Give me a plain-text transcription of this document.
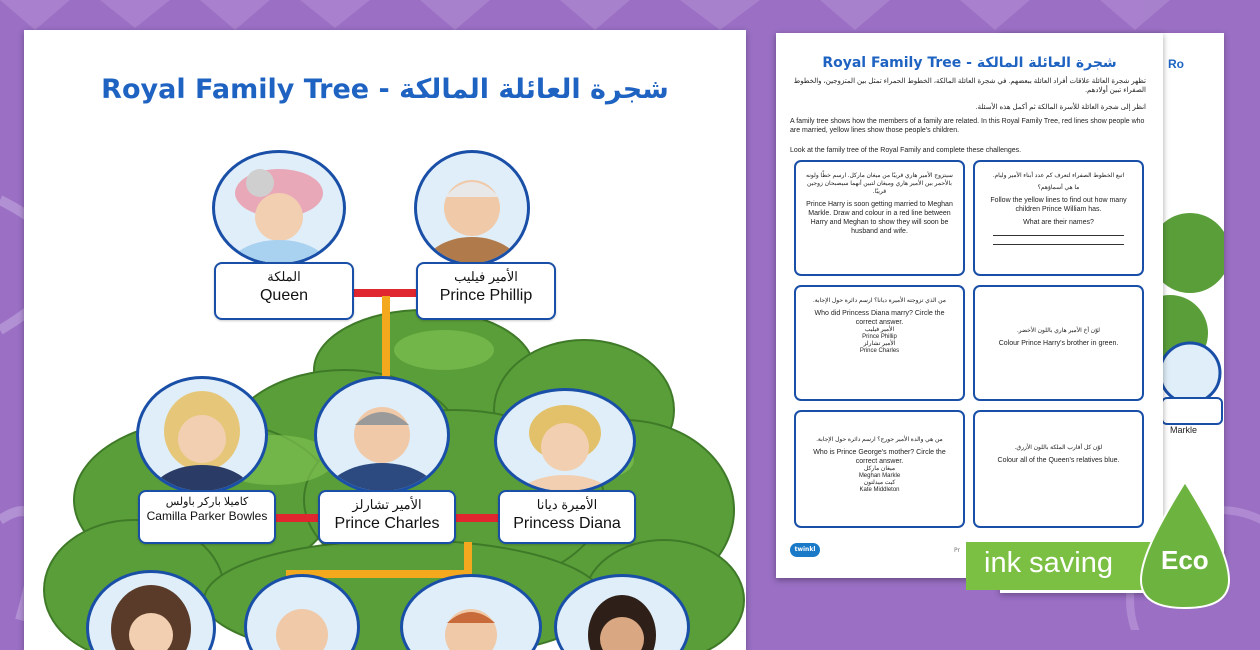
Ro
Markle
Royal Family Tree - شجرة العائلة المالكة
تظهر شجرة العائلة علاقات أفراد العائلة ببعضهم. في شجرة العائلة المالكة، الخطوط الحمراء تمثل بين المتزوجين، والخطوط الصفراء تبين أولادهم.
انظر إلى شجرة العائلة للأسرة المالكة ثم أكمل هذه الأسئلة.
A family tree shows how the members of a family are related. In this Royal Family Tree, red lines show people who are married, yellow lines show those people's children.
Look at the family tree of the Royal Family and complete these challenges.
سيتزوج الأمير هاري قريبًا من ميغان ماركل. ارسم خطًا ولونه بالأحمر بين الأمير هاري وميغان لتبين أنهما سيصبحان زوجين قريبًا.
Prince Harry is soon getting married to Meghan Markle. Draw and colour in a red line between Harry and Meghan to show they will soon be husband and wife.
اتبع الخطوط الصفراء لتعرف كم عدد أبناء الأمير وليام.
ما هي أسماؤهم؟
Follow the yellow lines to find out how many children Prince William has.
What are their names?
من الذي تزوجته الأميرة ديانا؟ ارسم دائرة حول الإجابة.
Who did Princess Diana marry? Circle the correct answer.
الأمير فيليب
Prince Phillip
الأمير تشارلز
Prince Charles
لوّن أخ الأمير هاري باللون الأخضر.
Colour Prince Harry's brother in green.
من هي والدة الأمير جورج؟ ارسم دائرة حول الإجابة.
Who is Prince George's mother? Circle the correct answer.
ميغان ماركل
Meghan Markle
كيت ميدلتون
Kate Middleton
لوّن كل أقارب الملكة باللون الأزرق.
Colour all of the Queen's relatives blue.
twinkl	Pr
Royal Family Tree - شجرة العائلة المالكة
الملكة
Queen
الأمير فيليب
Prince Phillip
كاميلا باركر باولس
Camilla Parker Bowles
الأمير تشارلز
Prince Charles
الأميرة ديانا
Princess Diana
ink saving Eco
